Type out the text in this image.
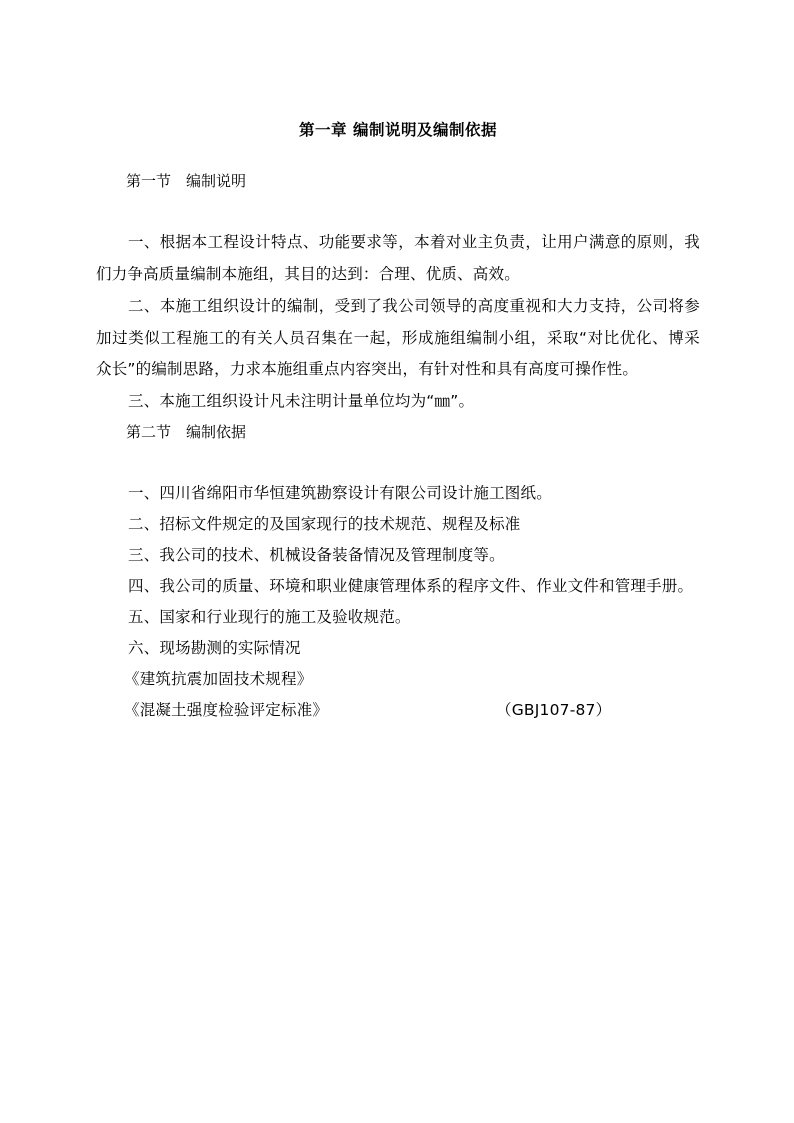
第一章 编制说明及编制依据

第一节　编制说明

一、根据本工程设计特点、功能要求等，本着对业主负责，让用户满意的原则，我们力争高质量编制本施组，其目的达到：合理、优质、高效。

二、本施工组织设计的编制，受到了我公司领导的高度重视和大力支持，公司将参加过类似工程施工的有关人员召集在一起，形成施组编制小组，采取“对比优化、博采众长”的编制思路，力求本施组重点内容突出，有针对性和具有高度可操作性。

三、本施工组织设计凡未注明计量单位均为“㎜”。

第二节　编制依据

一、四川省绵阳市华恒建筑勘察设计有限公司设计施工图纸。

二、招标文件规定的及国家现行的技术规范、规程及标准

三、我公司的技术、机械设备装备情况及管理制度等。

四、我公司的质量、环境和职业健康管理体系的程序文件、作业文件和管理手册。

五、国家和行业现行的施工及验收规范。

六、现场勘测的实际情况

《建筑抗震加固技术规程》

《混凝土强度检验评定标准》	（GBJ107-87）
